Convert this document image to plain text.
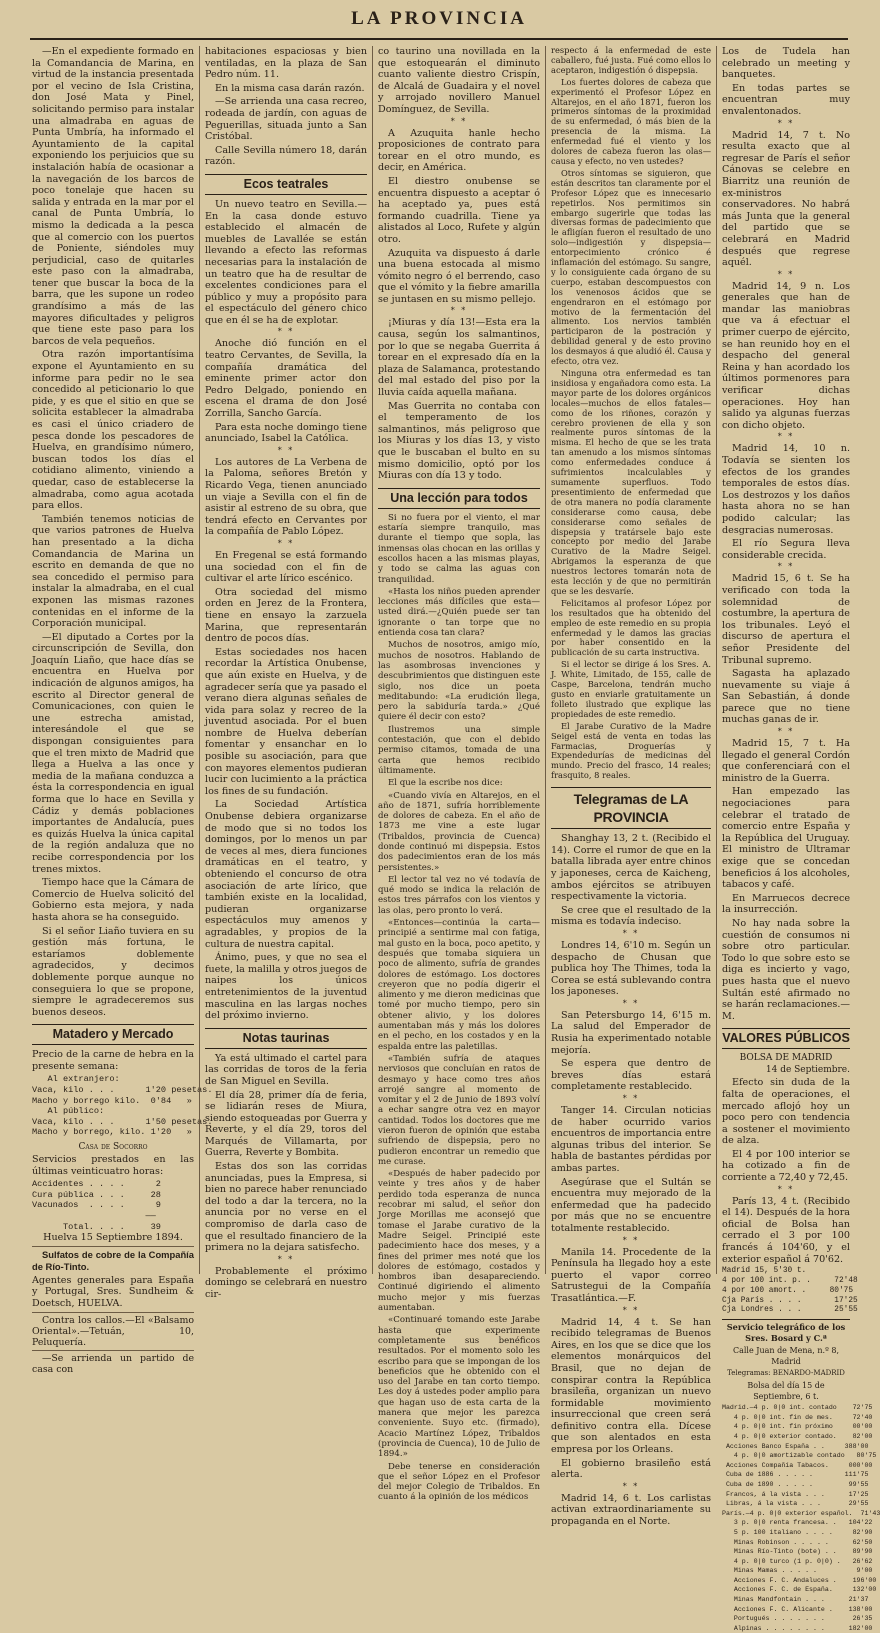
LA PROVINCIA

—En el expediente formado en la Comandancia de Marina, en virtud de la instancia presentada por el vecino de Isla Cristina, don José Mata y Pinel, solicitando permiso para instalar una almadraba en aguas de Punta Umbría, ha informado el Ayuntamiento de la capital exponiendo los perjuicios que su instalación había de ocasionar a la navegación de los barcos de poco tonelaje que hacen su salida y entrada en la mar por el canal de Punta Umbría, lo mismo la dedicada a la pesca que al comercio con los puertos de Poniente, siéndoles muy perjudicial, caso de quitarles este paso con la almadraba, tener que buscar la boca de la barra, que les supone un rodeo grandísimo a más de las mayores dificultades y peligros que tiene este paso para los barcos de vela pequeños.

Otra razón importantísima expone el Ayuntamiento en su informe para pedir no le sea concedido al peticionario lo que pide, y es que el sitio en que se solicita establecer la almadraba es casi el único criadero de pesca donde los pescadores de Huelva, en grandísimo número, buscan todos los días el cotidiano alimento, viniendo a quedar, caso de establecerse la almadraba, como agua acotada para ellos.

También tenemos noticias de que varios patrones de Huelva han presentado a la dicha Comandancia de Marina un escrito en demanda de que no sea concedido el permiso para instalar la almadraba, en el cual exponen las mismas razones contenidas en el informe de la Corporación municipal.

—El diputado a Cortes por la circunscripción de Sevilla, don Joaquín Liaño, que hace días se encuentra en Huelva por indicación de algunos amigos, ha escrito al Director general de Comunicaciones, con quien le une estrecha amistad, interesándole el que se dispongan consiguientes para que el tren mixto de Madrid que llega a Huelva a las once y media de la mañana conduzca a ésta la correspondencia en igual forma que lo hace en Sevilla y Cádiz y demás poblaciones importantes de Andalucía, pues es quizás Huelva la única capital de la región andaluza que no recibe correspondencia por los trenes mixtos.

Tiempo hace que la Cámara de Comercio de Huelva solicitó del Gobierno esta mejora, y nada hasta ahora se ha conseguido.

Si el señor Liaño tuviera en su gestión más fortuna, le estaríamos doblemente agradecidos, y decimos doblemente porque aunque no conseguiera lo que se propone, siempre le agradeceremos sus buenos deseos.

Matadero y Mercado

Precio de la carne de hebra en la presente semana:

Al extranjero:
Vaca, kilo . . .      1'20 pesetas.
Macho y borrego kilo.  0'84   »
Al público:
Vaca, kilo . . .      1'50 pesetas.
Macho y borrego, kilo. 1'20   »
Casa de Socorro

Servicios prestados en las últimas veinticuatro horas:

Accidentes . . . .      2
Cura pública . . .     28
Vacunados  . . . .      9
——
Total. . . .     39

Huelva 15 Septiembre 1894.

Sulfatos de cobre de la Compañía de Río-Tinto.

Agentes generales para España y Portugal, Sres. Sundheim & Doetsch, HUELVA.

Contra los callos.—El «Balsamo Oriental».—Tetuán, 10, Peluquería.

—Se arrienda un partido de casa con

habitaciones espaciosas y bien ventiladas, en la plaza de San Pedro núm. 11.

En la misma casa darán razón.

—Se arrienda una casa recreo, rodeada de jardín, con aguas de Peguerillas, situada junto a San Cristóbal.

Calle Sevilla número 18, darán razón.

Ecos teatrales

Un nuevo teatro en Sevilla.—En la casa donde estuvo establecido el almacén de muebles de Lavallée se están llevando a efecto las reformas necesarias para la instalación de un teatro que ha de resultar de excelentes condiciones para el público y muy a propósito para el espectáculo del género chico que en él se ha de explotar.

* *

Anoche dió función en el teatro Cervantes, de Sevilla, la compañía dramática del eminente primer actor don Pedro Delgado, poniendo en escena el drama de don José Zorrilla, Sancho García.

Para esta noche domingo tiene anunciado, Isabel la Católica.

* *

Los autores de La Verbena de la Paloma, señores Bretón y Ricardo Vega, tienen anunciado un viaje a Sevilla con el fin de asistir al estreno de su obra, que tendrá efecto en Cervantes por la compañía de Pablo López.

* *

En Fregenal se está formando una sociedad con el fin de cultivar el arte lírico escénico.

Otra sociedad del mismo orden en Jerez de la Frontera, tiene en ensayo la zarzuela Marina, que representarán dentro de pocos días.

Estas sociedades nos hacen recordar la Artística Onubense, que aún existe en Huelva, y de agradecer sería que ya pasado el verano diera algunas señales de vida para solaz y recreo de la juventud asociada. Por el buen nombre de Huelva deberían fomentar y ensanchar en lo posible su asociación, para que con mayores elementos pudieran lucir con lucimiento a la práctica los fines de su fundación.

La Sociedad Artística Onubense debiera organizarse de modo que si no todos los domingos, por lo menos un par de veces al mes, diera funciones dramáticas en el teatro, y obteniendo el concurso de otra asociación de arte lírico, que también existe en la localidad, pudieran organizarse espectáculos muy amenos y agradables, y propios de la cultura de nuestra capital.

Ánimo, pues, y que no sea el fuete, la malilla y otros juegos de naipes los únicos entretenimientos de la juventud masculina en las largas noches del próximo invierno.

Notas taurinas

Ya está ultimado el cartel para las corridas de toros de la feria de San Miguel en Sevilla.

El día 28, primer día de feria, se lidiarán reses de Miura, siendo estoqueadas por Guerra y Reverte, y el día 29, toros del Marqués de Villamarta, por Guerra, Reverte y Bombita.

Estas dos son las corridas anunciadas, pues la Empresa, si bien no parece haber renunciado del todo a dar la tercera, no la anuncia por no verse en el compromiso de darla caso de que el resultado financiero de la primera no la dejara satisfecho.

* *

Probablemente el próximo domingo se celebrará en nuestro cir-

co taurino una novillada en la que estoquearán el diminuto cuanto valiente diestro Crispín, de Alcalá de Guadaira y el novel y arrojado novillero Manuel Domínguez, de Sevilla.

* *

A Azuquita hanle hecho proposiciones de contrato para torear en el otro mundo, es decir, en América.

El diestro onubense se encuentra dispuesto a aceptar ó ha aceptado ya, pues está formando cuadrilla. Tiene ya alistados al Loco, Rufete y algún otro.

Azuquita va dispuesto á darle una buena estocada al mismo vómito negro ó el berrendo, caso que el vómito y la fiebre amarilla se juntasen en su mismo pellejo.

* *

¡Miuras y día 13!—Esta era la causa, según los salmantinos, por lo que se negaba Guerrita á torear en el expresado día en la plaza de Salamanca, protestando del mal estado del piso por la lluvia caída aquella mañana.

Mas Guerrita no contaba con el temperamento de los salmantinos, más peligroso que los Miuras y los días 13, y visto que le buscaban el bulto en su mismo domicilio, optó por los Miuras con día 13 y todo.

Una lección para todos

Si no fuera por el viento, el mar estaría siempre tranquilo, mas durante el tiempo que sopla, las inmensas olas chocan en las orillas y escollos hacen a las mismas playas, y todo se calma las aguas con tranquilidad.

«Hasta los niños pueden aprender lecciones más difíciles que esta—usted dirá.—¿Quién puede ser tan ignorante o tan torpe que no entienda cosa tan clara?

Muchos de nosotros, amigo mío, muchos de nosotros. Hablando de las asombrosas invenciones y descubrimientos que distinguen este siglo, nos dice un poeta meditabundo: «La erudición llega, pero la sabiduría tarda.» ¿Qué quiere él decir con esto?

Ilustremos una simple contestación, que con el debido permiso citamos, tomada de una carta que hemos recibido últimamente.

El que la escribe nos dice:

«Cuando vivía en Altarejos, en el año de 1871, sufría horriblemente de dolores de cabeza. En el año de 1873 me vine a este lugar (Tribaldos, provincia de Cuenca) donde continuó mi dispepsia. Estos dos padecimientos eran de los más persistentes.»

El lector tal vez no vé todavía de qué modo se indica la relación de estos tres párrafos con los vientos y las olas, pero pronto lo verá.

«Entonces—continúa la carta—principié a sentirme mal con fatiga, mal gusto en la boca, poco apetito, y después que tomaba siquiera un poco de alimento, sufría de grandes dolores de estómago. Los doctores creyeron que no podía digerir el alimento y me dieron medicinas que tomé por mucho tiempo, pero sin obtener alivio, y los dolores aumentaban más y más los dolores en el pecho, en los costados y en la espalda entre las paletillas.

«También sufría de ataques nerviosos que concluían en ratos de desmayo y hace como tres años arrojé sangre al momento de vomitar y el 2 de Junio de 1893 volví a echar sangre otra vez en mayor cantidad. Todos los doctores que me vieron fueron de opinión que estaba sufriendo de dispepsia, pero no pudieron encontrar un remedio que me curase.

«Después de haber padecido por veinte y tres años y de haber perdido toda esperanza de nunca recobrar mi salud, el señor don Jorge Morillas me aconsejó que tomase el Jarabe curativo de la Madre Seigel. Principié este padecimiento hace dos meses, y a fines del primer mes noté que los dolores de estómago, costados y hombros iban desapareciendo. Continué digiriendo el alimento mucho mejor y mis fuerzas aumentaban.

«Continuaré tomando este Jarabe hasta que experimente completamente sus benéficos resultados. Por el momento solo les escribo para que se impongan de los beneficios que he obtenido con el uso del Jarabe en tan corto tiempo. Les doy á ustedes poder amplio para que hagan uso de esta carta de la manera que mejor les parezca conveniente. Suyo etc. (firmado), Acacio Martínez López, Tribaldos (provincia de Cuenca), 10 de Julio de 1894.»

Debe tenerse en consideración que el señor López en el Profesor del mejor Colegio de Tribaldos. En cuanto á la opinión de los médicos

respecto á la enfermedad de este caballero, fué justa. Fué como ellos lo aceptaron, indigestión ó dispepsia.

Los fuertes dolores de cabeza que experimentó el Profesor López en Altarejos, en el año 1871, fueron los primeros síntomas de la proximidad de su enfermedad, ó más bien de la presencia de la misma. La enfermedad fué el viento y los dolores de cabeza fueron las olas—causa y efecto, no ven ustedes?

Otros síntomas se siguieron, que están descritos tan claramente por el Profesor López que es innecesario repetirlos. Nos permitimos sin embargo sugerirle que todas las diversas formas de padecimiento que le afligían fueron el resultado de uno solo—indigestión y dispepsia—entorpecimiento crónico é inflamación del estómago. Su sangre, y lo consiguiente cada órgano de su cuerpo, estaban descompuestos con los venenosos ácidos que se engendraron en el estómago por motivo de la fermentación del alimento. Los nervios también participaron de la postración y debilidad general y de esto provino los desmayos á que aludió él. Causa y efecto, otra vez.

Ninguna otra enfermedad es tan insidiosa y engañadora como esta. La mayor parte de los dolores orgánicos locales—muchos de ellos fatales—como de los riñones, corazón y cerebro provienen de ella y son realmente puros síntomas de la misma. El hecho de que se les trata tan amenudo a los mismos síntomas como enfermedades conduce á sufrimientos incalculables y sumamente superfluos. Todo presentimiento de enfermedad que de otra manera no podía claramente considerarse como causa, debe considerarse como señales de dispepsia y tratársele bajo este concepto por medio del Jarabe Curativo de la Madre Seigel. Abrigamos la esperanza de que nuestros lectores tomarán nota de esta lección y de que no permitirán que se les desvaríe.

Felicitamos al profesor López por los resultados que ha obtenido del empleo de este remedio en su propia enfermedad y le damos las gracias por haber consentido en la publicación de su carta instructiva.

Si el lector se dirige á los Sres. A. J. White, Limitado, de 155, calle de Caspe, Barcelona, tendrán mucho gusto en enviarle gratuitamente un folleto ilustrado que explique las propiedades de este remedio.

El Jarabe Curativo de la Madre Seigel está de venta en todas las Farmacias, Droguerías y Expendedurías de medicinas del mundo. Precio del frasco, 14 reales; frasquito, 8 reales.

Telegramas de LA PROVINCIA

Shanghay 13, 2 t. (Recibido el 14). Corre el rumor de que en la batalla librada ayer entre chinos y japoneses, cerca de Kaicheng, ambos ejércitos se atribuyen respectivamente la victoria.

Se cree que el resultado de la misma es todavía indeciso.

* *

Londres 14, 6'10 m. Según un despacho de Chusan que publica hoy The Thimes, toda la Corea se está sublevando contra los japoneses.

* *

San Petersburgo 14, 6'15 m. La salud del Emperador de Rusia ha experimentado notable mejoría.

Se espera que dentro de breves días estará completamente restablecido.

* *

Tanger 14. Circulan noticias de haber ocurrido varios encuentros de importancia entre algunas tribus del interior. Se habla de bastantes pérdidas por ambas partes.

Asegúrase que el Sultán se encuentra muy mejorado de la enfermedad que ha padecido por más que no se encuentre totalmente restablecido.

* *

Manila 14. Procedente de la Península ha llegado hoy a este puerto el vapor correo Satrustegui de la Compañía Trasatlántica.—F.

* *

Madrid 14, 4 t. Se han recibido telegramas de Buenos Aires, en los que se dice que los elementos monárquicos del Brasil, que no dejan de conspirar contra la República brasileña, organizan un nuevo formidable movimiento insurreccional que creen será definitivo contra ella. Dícese que son alentados en esta empresa por los Orleans.

El gobierno brasileño está alerta.

* *

Madrid 14, 6 t. Los carlistas activan extraordinariamente su propaganda en el Norte.

Los de Tudela han celebrado un meeting y banquetes.

En todas partes se encuentran muy envalentonados.

* *

Madrid 14, 7 t. No resulta exacto que al regresar de París el señor Cánovas se celebre en Biarritz una reunión de ex-ministros conservadores. No habrá más Junta que la general del partido que se celebrará en Madrid después que regrese aquél.

* *

Madrid 14, 9 n. Los generales que han de mandar las maniobras que va á efectuar el primer cuerpo de ejército, se han reunido hoy en el despacho del general Reina y han acordado los últimos pormenores para verificar dichas operaciones. Hoy han salido ya algunas fuerzas con dicho objeto.

* *

Madrid 14, 10 n. Todavía se sienten los efectos de los grandes temporales de estos días. Los destrozos y los daños hasta ahora no se han podido calcular; las desgracias numerosas.

El río Segura lleva considerable crecida.

* *

Madrid 15, 6 t. Se ha verificado con toda la solemnidad de costumbre, la apertura de los tribunales. Leyó el discurso de apertura el señor Presidente del Tribunal supremo.

Sagasta ha aplazado nuevamente su viaje á San Sebastián, á donde parece que no tiene muchas ganas de ir.

* *

Madrid 15, 7 t. Ha llegado el general Cordón que conferenciará con el ministro de la Guerra.

Han empezado las negociaciones para celebrar el tratado de comercio entre España y la República del Uruguay. El ministro de Ultramar exige que se concedan beneficios á los alcoholes, tabacos y café.

En Marruecos decrece la insurrección.

No hay nada sobre la cuestión de consumos ni sobre otro particular. Todo lo que sobre esto se diga es incierto y vago, pues hasta que el nuevo Sultán esté afirmado no se harán reclamaciones.—M.

VALORES PÚBLICOS
BOLSA DE MADRID
14 de Septiembre.

Efecto sin duda de la falta de operaciones, el mercado aflojó hoy un poco pero con tendencia a sostener el movimiento de alza.

El 4 por 100 interior se ha cotizado a fin de corriente a 72,40 y 72,45.

* *

París 13, 4 t. (Recibido el 14). Después de la hora oficial de Bolsa han cerrado el 3 por 100 francés á 104'60, y el exterior español á 70'62.

Madrid 15, 5'30 t.
4 por 100 int. p. .     72'48
4 por 100 amort. .     80'75
Cja París . . . .       17'25
Cja Londres . . .       25'55
Servicio telegráfico de los Sres. Bosard y C.ª
Calle Juan de Mena, n.º 8, Madrid
Telegramas: BENARDO-MADRID
Bolsa del día 15 de Septiembre, 6 t.
Madrid.—4 p. 0|0 int. contado    72'75
4 p. 0|0 int. fin de mes.     72'40
4 p. 0|0 int. fin próximo     00'00
4 p. 0|0 exterior contado.    82'00
Acciones Banco España . .     388'00
4 p. 0|0 amortizable contado   80'75
Acciones Compañía Tabacos.     000'00
Cuba de 1886 . . . . .        111'75
Cuba de 1890 . . . . .         99'55
Francos, á la vista . . .      17'25
Libras, á la vista . . .       29'55
París.—4 p. 0|0 exterior español.  71'43
3 p. 0|0 renta francesa. .   104'22
5 p. 100 italiano . . . .     82'90
Minas Robinson . . . . .      62'50
Minas Río-Tinto (bote) . .    89'90
4 p. 0|0 turco (1 p. 0|0) .   26'62
Minas Mamas . . . . .          9'00
Acciones F. C. Andaluces .    196'00
Acciones F. C. de España.     132'00
Minas Mandfontain . . .      21'37
Acciones F. C. Alicante .    138'00
Portugués . . . . . . .       26'35
Alpinas . . . . . . . .      182'00
